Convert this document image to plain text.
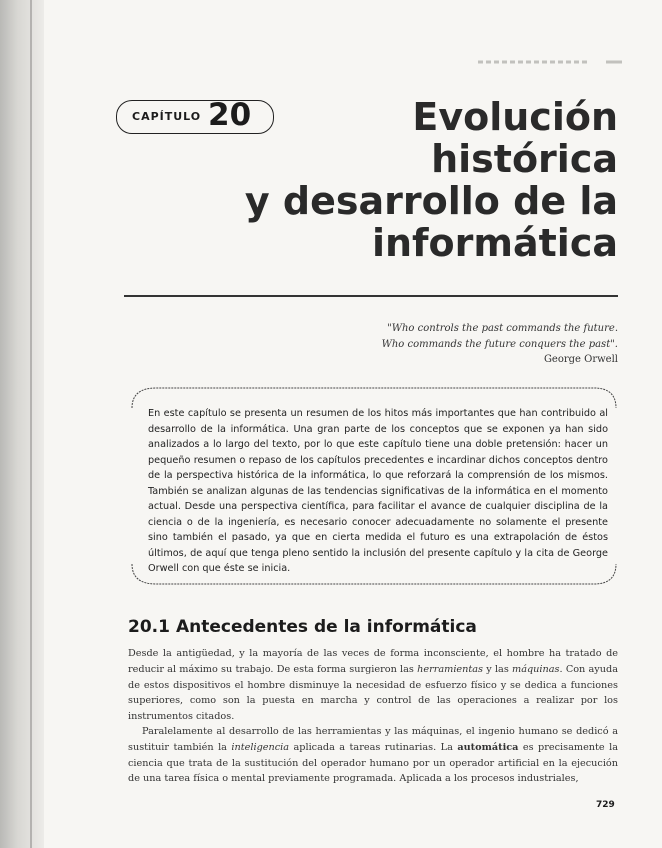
CAPÍTULO 20	Evolución
histórica
y desarrollo de la
informática
"Who controls the past commands the future.
Who commands the future conquers the past".
George Orwell

En este capítulo se presenta un resumen de los hitos más importantes que han contribuido al desarrollo de la informática. Una gran parte de los conceptos que se exponen ya han sido analizados a lo largo del texto, por lo que este capítulo tiene una doble pretensión: hacer un pequeño resumen o repaso de los capítulos precedentes e incardinar dichos conceptos dentro de la perspectiva histórica de la informática, lo que reforzará la comprensión de los mismos. También se analizan algunas de las tendencias significativas de la informática en el momento actual. Desde una perspectiva científica, para facilitar el avance de cualquier disciplina de la ciencia o de la ingeniería, es necesario conocer adecuadamente no solamente el presente sino también el pasado, ya que en cierta medida el futuro es una extrapolación de éstos últimos, de aquí que tenga pleno sentido la inclusión del presente capítulo y la cita de George Orwell con que éste se inicia.

20.1 Antecedentes de la informática

Desde la antigüedad, y la mayoría de las veces de forma inconsciente, el hombre ha tratado de reducir al máximo su trabajo. De esta forma surgieron las herramientas y las máquinas. Con ayuda de estos dispositivos el hombre disminuye la necesidad de esfuerzo físico y se dedica a funciones superiores, como son la puesta en marcha y control de las operaciones a realizar por los instrumentos citados.

Paralelamente al desarrollo de las herramientas y las máquinas, el ingenio humano se dedicó a sustituir también la inteligencia aplicada a tareas rutinarias. La automática es precisamente la ciencia que trata de la sustitución del operador humano por un operador artificial en la ejecución de una tarea física o mental previamente programada. Aplicada a los procesos industriales,

729
